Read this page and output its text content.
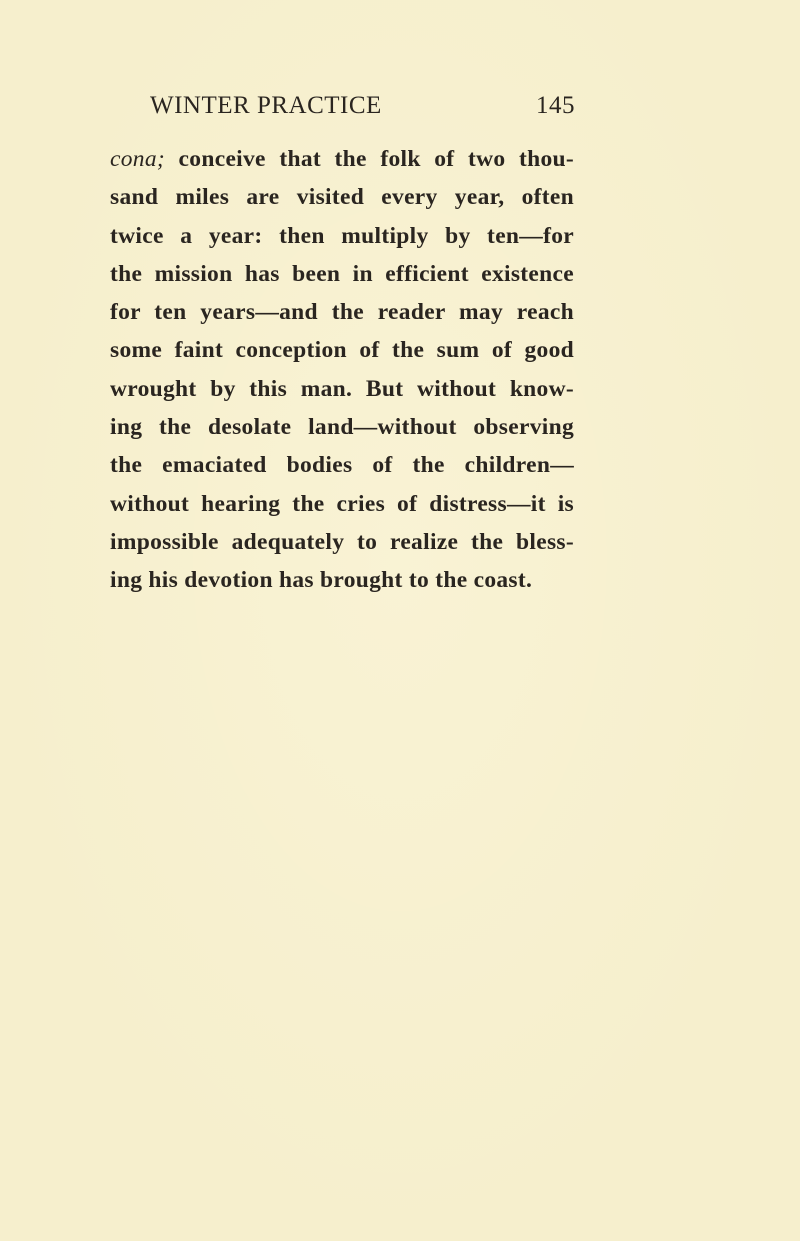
WINTER PRACTICE	145
cona; conceive that the folk of two thou-
sand miles are visited every year, often
twice a year: then multiply by ten—for
the mission has been in efficient existence
for ten years—and the reader may reach
some faint conception of the sum of good
wrought by this man. But without know-
ing the desolate land—without observing
the emaciated bodies of the children—
without hearing the cries of distress—it is
impossible adequately to realize the bless-
ing his devotion has brought to the coast.
